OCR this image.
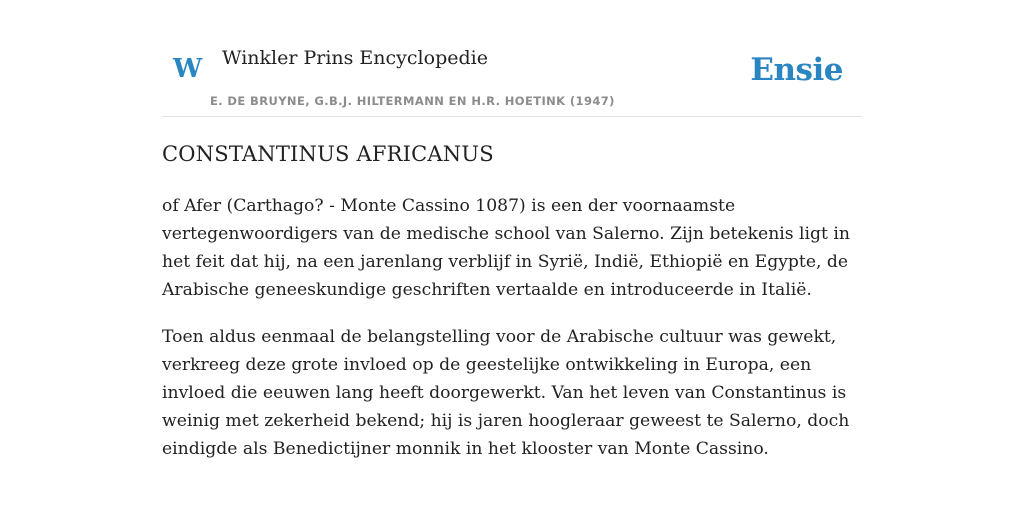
W Winkler Prins Encyclopedie
E. DE BRUYNE, G.B.J. HILTERMANN EN H.R. HOETINK (1947)
Ensie
CONSTANTINUS AFRICANUS

of Afer (Carthago? - Monte Cassino 1087) is een der voornaamste vertegenwoordigers van de medische school van Salerno. Zijn betekenis ligt in het feit dat hij, na een jarenlang verblijf in Syrië, Indië, Ethiopië en Egypte, de Arabische geneeskundige geschriften vertaalde en introduceerde in Italië.

Toen aldus eenmaal de belangstelling voor de Arabische cultuur was gewekt, verkreeg deze grote invloed op de geestelijke ontwikkeling in Europa, een invloed die eeuwen lang heeft doorgewerkt. Van het leven van Constantinus is weinig met zekerheid bekend; hij is jaren hoogleraar geweest te Salerno, doch eindigde als Benedictijner monnik in het klooster van Monte Cassino.
